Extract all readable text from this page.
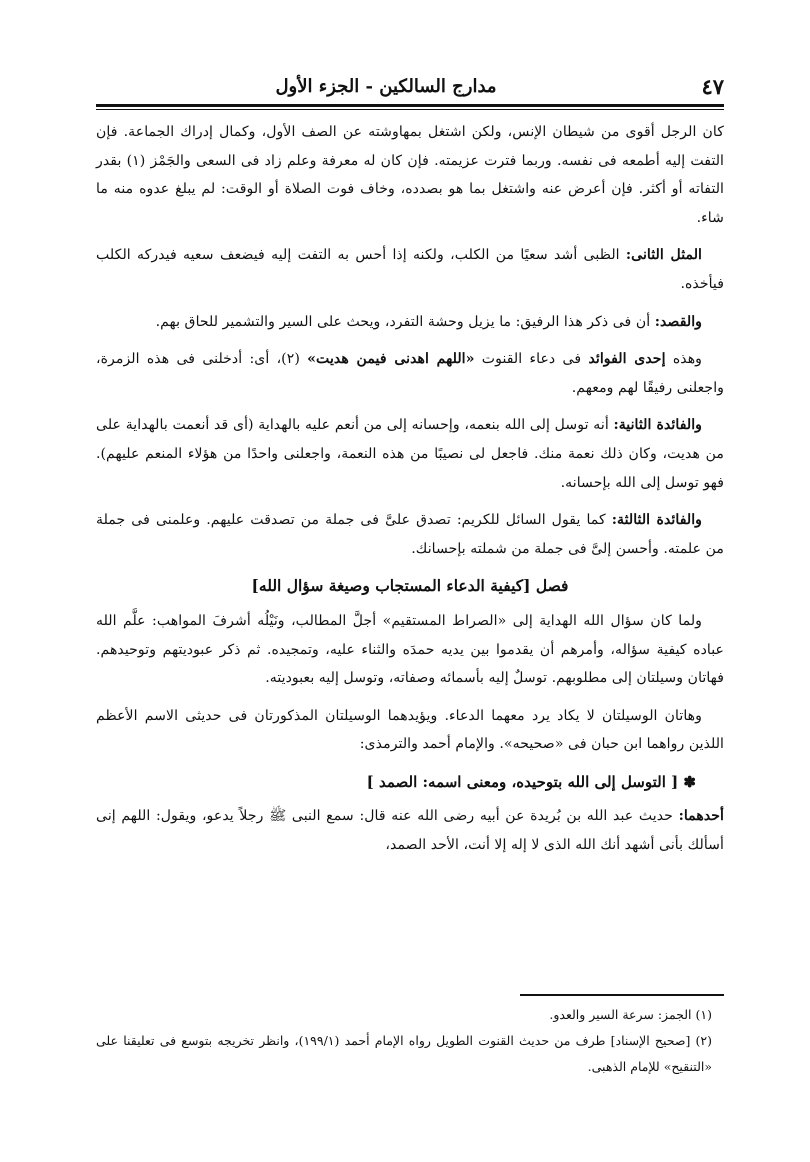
٤٧
مدارج السالكين - الجزء الأول

كان الرجل أقوى من شيطان الإنس، ولكن اشتغل بمهاوشته عن الصف الأول، وكمال إدراك الجماعة. فإن التفت إليه أطمعه فى نفسه. وربما فترت عزيمته. فإن كان له معرفة وعلم زاد فى السعى والجَمْز (١) بقدر التفاته أو أكثر. فإن أعرض عنه واشتغل بما هو بصدده، وخاف فوت الصلاة أو الوقت: لم يبلغ عدوه منه ما شاء.

المثل الثانى: الظبى أشد سعيًا من الكلب، ولكنه إذا أحس به التفت إليه فيضعف سعيه فيدركه الكلب فيأخذه.

والقصد: أن فى ذكر هذا الرفيق: ما يزيل وحشة التفرد، ويحث على السير والتشمير للحاق بهم.

وهذه إحدى الفوائد فى دعاء القنوت «اللهم اهدنى فيمن هديت» (٢)، أى: أدخلنى فى هذه الزمرة، واجعلنى رفيقًا لهم ومعهم.

والفائدة الثانية: أنه توسل إلى الله بنعمه، وإحسانه إلى من أنعم عليه بالهداية (أى قد أنعمت بالهداية على من هديت، وكان ذلك نعمة منك. فاجعل لى نصيبًا من هذه النعمة، واجعلنى واحدًا من هؤلاء المنعم عليهم). فهو توسل إلى الله بإحسانه.

والفائدة الثالثة: كما يقول السائل للكريم: تصدق علىَّ فى جملة من تصدقت عليهم. وعلمنى فى جملة من علمته. وأحسن إلىَّ فى جملة من شملته بإحسانك.

فصل [كيفية الدعاء المستجاب وصيغة سؤال الله]

ولما كان سؤال الله الهداية إلى «الصراط المستقيم» أجلَّ المطالب، ونَيْلُه أشرفَ المواهب: علَّم الله عباده كيفية سؤاله، وأمرهم أن يقدموا بين يديه حمدَه والثناء عليه، وتمجيده. ثم ذكر عبوديتهم وتوحيدهم. فهاتان وسيلتان إلى مطلوبهم. توسلٌ إليه بأسمائه وصفاته، وتوسل إليه بعبوديته.

وهاتان الوسيلتان لا يكاد يرد معهما الدعاء. ويؤيدهما الوسيلتان المذكورتان فى حديثى الاسم الأعظم اللذين رواهما ابن حبان فى «صحيحه». والإمام أحمد والترمذى:

✽ [ التوسل إلى الله بتوحيده، ومعنى اسمه: الصمد ]

أحدهما: حديث عبد الله بن بُريدة عن أبيه رضى الله عنه قال: سمع النبى ﷺ رجلاً يدعو، ويقول: اللهم إنى أسألك بأنى أشهد أنك الله الذى لا إله إلا أنت، الأحد الصمد،

(١) الجمز: سرعة السير والعدو.

(٢) [صحيح الإسناد] طرف من حديث القنوت الطويل رواه الإمام أحمد (١٩٩/١)، وانظر تخريجه بتوسع فى تعليقنا على «التنقيح» للإمام الذهبى.
